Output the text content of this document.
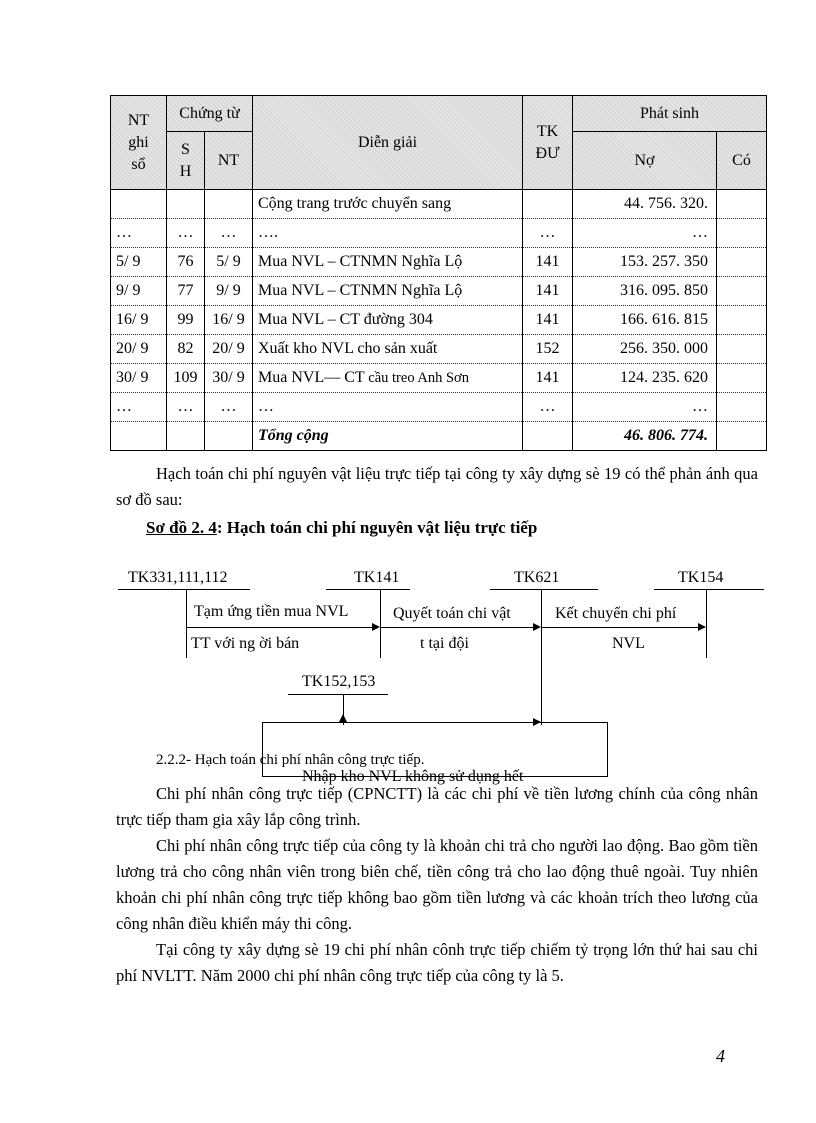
NT ghi sổ	Chứng từ		Diễn giải	TK ĐƯ	Phát sinh	
	S H	NT			Nợ	Có
			Cộng trang trước chuyển sang		44. 756. 320.	
…	…	…	….	…	…	
5/ 9	76	5/ 9	Mua NVL – CTNMN Nghĩa Lộ	141	153. 257. 350	
9/ 9	77	9/ 9	Mua NVL – CTNMN Nghĩa Lộ	141	316. 095. 850	
16/ 9	99	16/ 9	Mua NVL – CT đường 304	141	166. 616. 815	
20/ 9	82	20/ 9	Xuất kho NVL cho sản xuất	152	256. 350. 000	
30/ 9	109	30/ 9	Mua NVL— CT cầu treo Anh Sơn	141	124. 235. 620	
…	…	…	…	…	…	
			Tổng cộng		46. 806. 774.	
Hạch toán chi phí nguyên vật liệu trực tiếp tại công ty xây dựng sè 19 có thể phản ánh qua sơ đồ sau:
Sơ đồ 2. 4: Hạch toán chi phí nguyên vật liệu trực tiếp
TK331,111,112	TK141	TK621	TK154
TK152,153
Tạm ứng tiền mua NVL
TT với ng ời bán
Quyết toán chi vật
t tại đội
Kết chuyển chi phí
NVL
Nhập kho NVL không sử dụng hết
2.2.2- Hạch toán chi phí nhân công trực tiếp.
Chi phí nhân công trực tiếp (CPNCTT) là các chi phí về tiền lương chính của công nhân trực tiếp tham gia xây lắp công trình.
Chi phí nhân công trực tiếp của công ty là khoản chi trả cho người lao động. Bao gồm tiền lương trả cho công nhân viên trong biên chế, tiền công trả cho lao động thuê ngoài. Tuy nhiên khoản chi phí nhân công trực tiếp không bao gồm tiền lương và các khoản trích theo lương của công nhân điều khiển máy thi công.
Tại công ty xây dựng sè 19 chi phí nhân cônh trực tiếp chiếm tỷ trọng lớn thứ hai sau chi phí NVLTT. Năm 2000 chi phí nhân công trực tiếp của công ty là 5.
4
